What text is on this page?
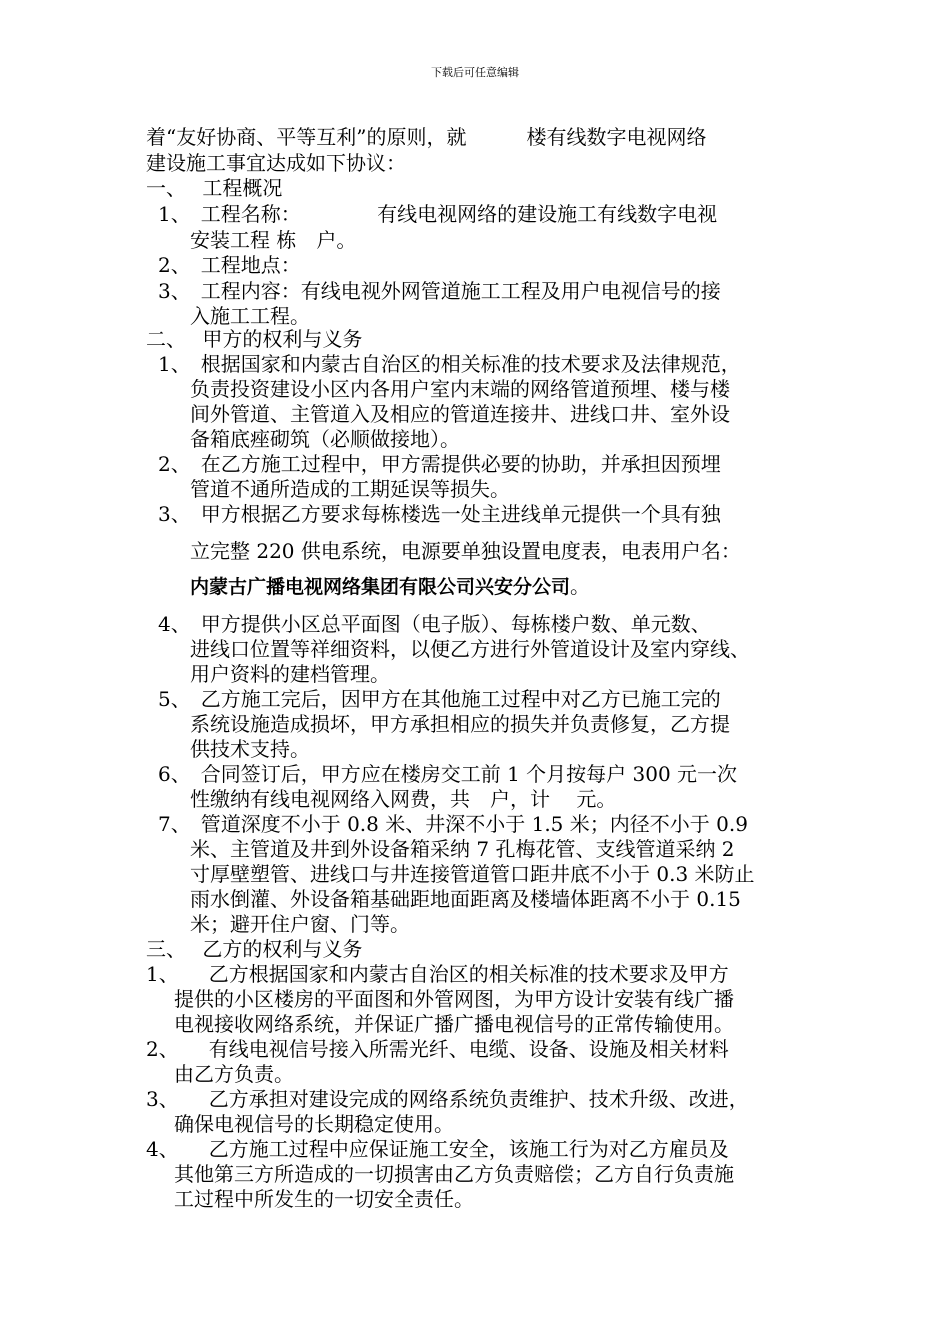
下载后可任意编辑
着“友好协商、平等互利”的原则，就　　　楼有线数字电视网络
建设施工事宜达成如下协议：
一、　 工程概况
1、　工程名称：　　　　 有线电视网络的建设施工有线数字电视
安装工程 栋　户。
2、　工程地点：
3、　工程内容：有线电视外网管道施工工程及用户电视信号的接
入施工工程。
二、　 甲方的权利与义务
1、　根据国家和内蒙古自治区的相关标准的技术要求及法律规范，
负责投资建设小区内各用户室内末端的网络管道预埋、楼与楼
间外管道、主管道入及相应的管道连接井、进线口井、室外设
备箱底痤砌筑（必顺做接地）。
2、　在乙方施工过程中，甲方需提供必要的协助，并承担因预埋
管道不通所造成的工期延误等损失。
3、　甲方根据乙方要求每栋楼选一处主进线单元提供一个具有独
立完整 220 供电系统，电源要单独设置电度表，电表用户名：
内蒙古广播电视网络集团有限公司兴安分公司。
4、　甲方提供小区总平面图（电子版）、每栋楼户数、单元数、
进线口位置等祥细资料，以便乙方进行外管道设计及室内穿线、
用户资料的建档管理。
5、　乙方施工完后，因甲方在其他施工过程中对乙方已施工完的
系统设施造成损坏，甲方承担相应的损失并负责修复，乙方提
供技术支持。
6、　合同签订后，甲方应在楼房交工前 1 个月按每户 300 元一次
性缴纳有线电视网络入网费，共　户，计　 元。
7、　管道深度不小于 0.8 米、井深不小于 1.5 米；内径不小于 0.9
米、主管道及井到外设备箱采纳 7 孔梅花管、支线管道采纳 2
寸厚壁塑管、进线口与井连接管道管口距井底不小于 0.3 米防止
雨水倒灌、外设备箱基础距地面距离及楼墙体距离不小于 0.15
米；避开住户窗、门等。
三、　 乙方的权利与义务
1、　　乙方根据国家和内蒙古自治区的相关标准的技术要求及甲方
提供的小区楼房的平面图和外管网图，为甲方设计安装有线广播
电视接收网络系统，并保证广播广播电视信号的正常传输使用。
2、　　有线电视信号接入所需光纤、电缆、设备、设施及相关材料
由乙方负责。
3、　　乙方承担对建设完成的网络系统负责维护、技术升级、改进，
确保电视信号的长期稳定使用。
4、　　乙方施工过程中应保证施工安全，该施工行为对乙方雇员及
其他第三方所造成的一切损害由乙方负责赔偿；乙方自行负责施
工过程中所发生的一切安全责任。
